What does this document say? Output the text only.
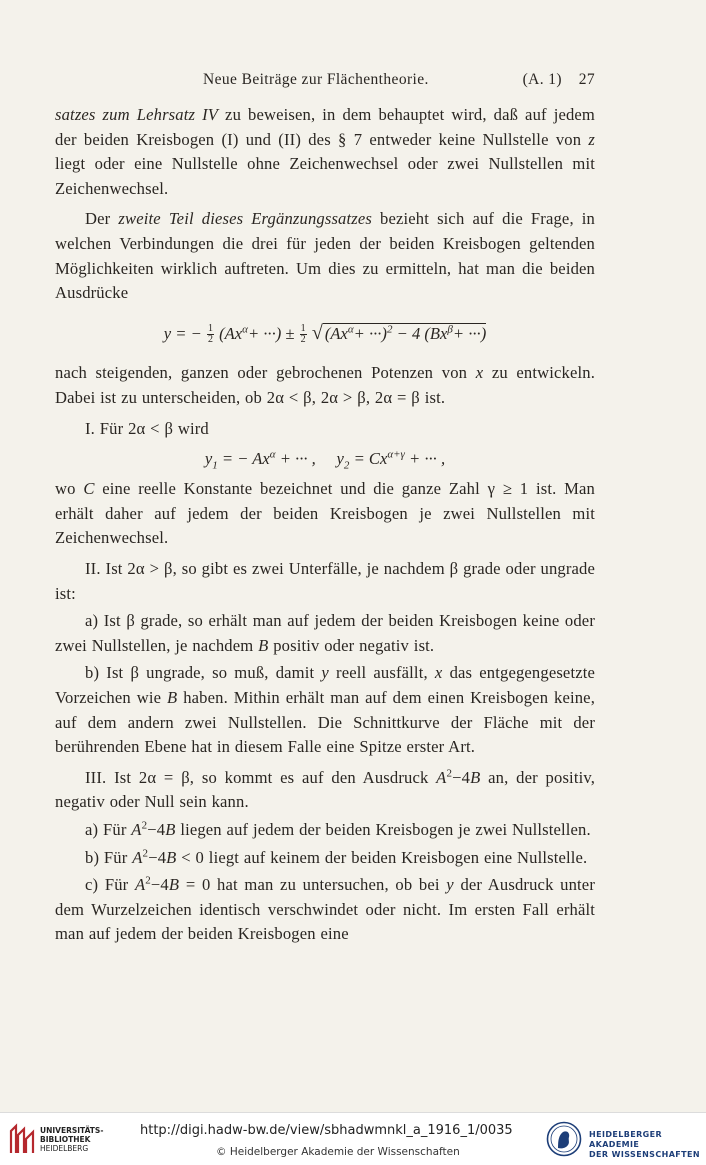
Neue Beiträge zur Flächentheorie.	(A. 1) 27

satzes zum Lehrsatz IV zu beweisen, in dem behauptet wird, daß auf jedem der beiden Kreisbogen (I) und (II) des § 7 entweder keine Nullstelle von z liegt oder eine Nullstelle ohne Zeichenwechsel oder zwei Nullstellen mit Zeichenwechsel.

Der zweite Teil dieses Ergänzungssatzes bezieht sich auf die Frage, in welchen Verbindungen die drei für jeden der beiden Kreisbogen geltenden Möglichkeiten wirklich auftreten. Um dies zu ermitteln, hat man die beiden Ausdrücke

y = − $\frac{1}{2} (Ax^\alpha+$ ···) ± $\frac{1}{2}$ √ $(Ax^\alpha+ \cdot\cdot\cdot)^2 - 4$ ($Bx^\beta+$ ···)

nach steigenden, ganzen oder gebrochenen Potenzen von x zu entwickeln. Dabei ist zu unterscheiden, ob 2α < β, 2α > β, 2α = β ist.

I. Für 2α < β wird

$y_1$ = − $Ax^\alpha$ + ··· , $y_2 = Cx^{\alpha+\gamma}$ + ··· ,

wo C eine reelle Konstante bezeichnet und die ganze Zahl γ ≥ 1 ist. Man erhält daher auf jedem der beiden Kreisbogen je zwei Nullstellen mit Zeichenwechsel.

II. Ist 2α > β, so gibt es zwei Unterfälle, je nachdem β grade oder ungrade ist:

a) Ist β grade, so erhält man auf jedem der beiden Kreisbogen keine oder zwei Nullstellen, je nachdem B positiv oder negativ ist.

b) Ist β ungrade, so muß, damit y reell ausfällt, x das entgegengesetzte Vorzeichen wie B haben. Mithin erhält man auf dem einen Kreisbogen keine, auf dem andern zwei Nullstellen. Die Schnittkurve der Fläche mit der berührenden Ebene hat in diesem Falle eine Spitze erster Art.

III. Ist 2α = β, so kommt es auf den Ausdruck $A^2-4B$ an, der positiv, negativ oder Null sein kann.

a) Für $A^2-4B$ liegen auf jedem der beiden Kreisbogen je zwei Nullstellen.

b) Für $A^2-4B < 0$ liegt auf keinem der beiden Kreisbogen eine Nullstelle.

c) Für $A^2-4B = 0$ hat man zu untersuchen, ob bei y der Ausdruck unter dem Wurzelzeichen identisch verschwindet oder nicht. Im ersten Fall erhält man auf jedem der beiden Kreisbogen eine

UNIVERSITÄTS-
BIBLIOTHEK
HEIDELBERG
http://digi.hadw-bw.de/view/sbhadwmnkl_a_1916_1/0035
© Heidelberger Akademie der Wissenschaften
HEIDELBERGER AKADEMIE
DER WISSENSCHAFTEN
